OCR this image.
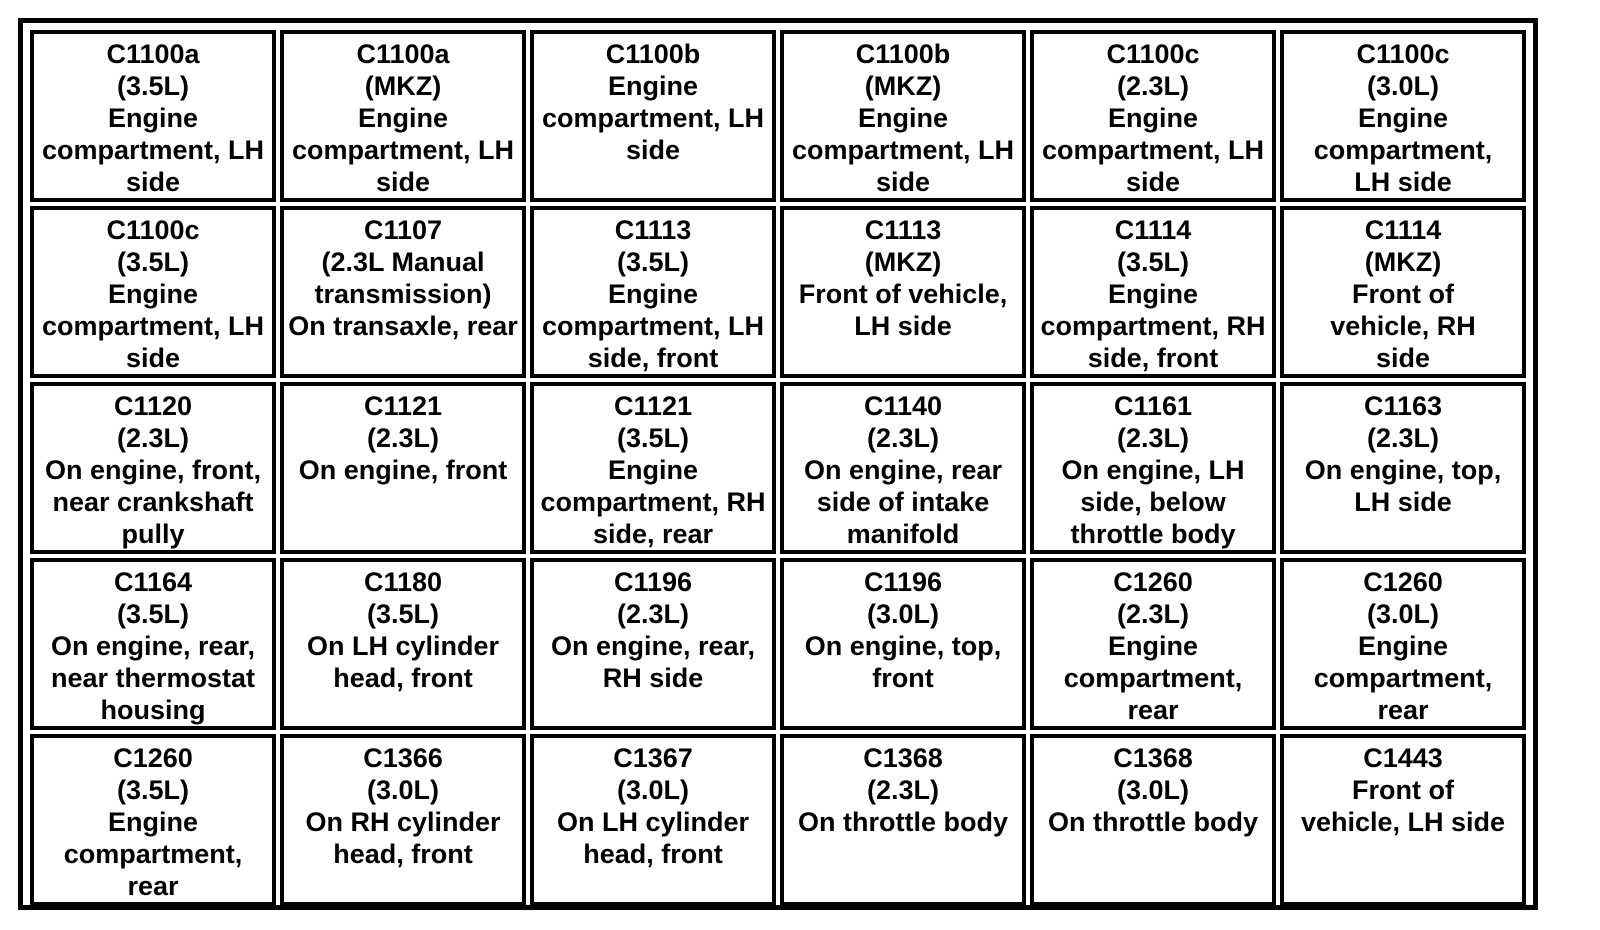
C1100a
(3.5L)
Engine
compartment, LH
side	C1100a
(MKZ)
Engine
compartment, LH
side	C1100b
Engine
compartment, LH
side	C1100b
(MKZ)
Engine
compartment, LH
side	C1100c
(2.3L)
Engine
compartment, LH
side	C1100c
(3.0L)
Engine
compartment,
LH side

C1100c
(3.5L)
Engine
compartment, LH
side	C1107
(2.3L Manual
transmission)
On transaxle, rear	C1113
(3.5L)
Engine
compartment, LH
side, front	C1113
(MKZ)
Front of vehicle,
LH side	C1114
(3.5L)
Engine
compartment, RH
side, front	C1114
(MKZ)
Front of
vehicle, RH
side

C1120
(2.3L)
On engine, front,
near crankshaft
pully	C1121
(2.3L)
On engine, front	C1121
(3.5L)
Engine
compartment, RH
side, rear	C1140
(2.3L)
On engine, rear
side of intake
manifold	C1161
(2.3L)
On engine, LH
side, below
throttle body	C1163
(2.3L)
On engine, top,
LH side

C1164
(3.5L)
On engine, rear,
near thermostat
housing	C1180
(3.5L)
On LH cylinder
head, front	C1196
(2.3L)
On engine, rear,
RH side	C1196
(3.0L)
On engine, top,
front	C1260
(2.3L)
Engine
compartment,
rear	C1260
(3.0L)
Engine
compartment,
rear

C1260
(3.5L)
Engine
compartment,
rear	C1366
(3.0L)
On RH cylinder
head, front	C1367
(3.0L)
On LH cylinder
head, front	C1368
(2.3L)
On throttle body	C1368
(3.0L)
On throttle body	C1443
Front of
vehicle, LH side
